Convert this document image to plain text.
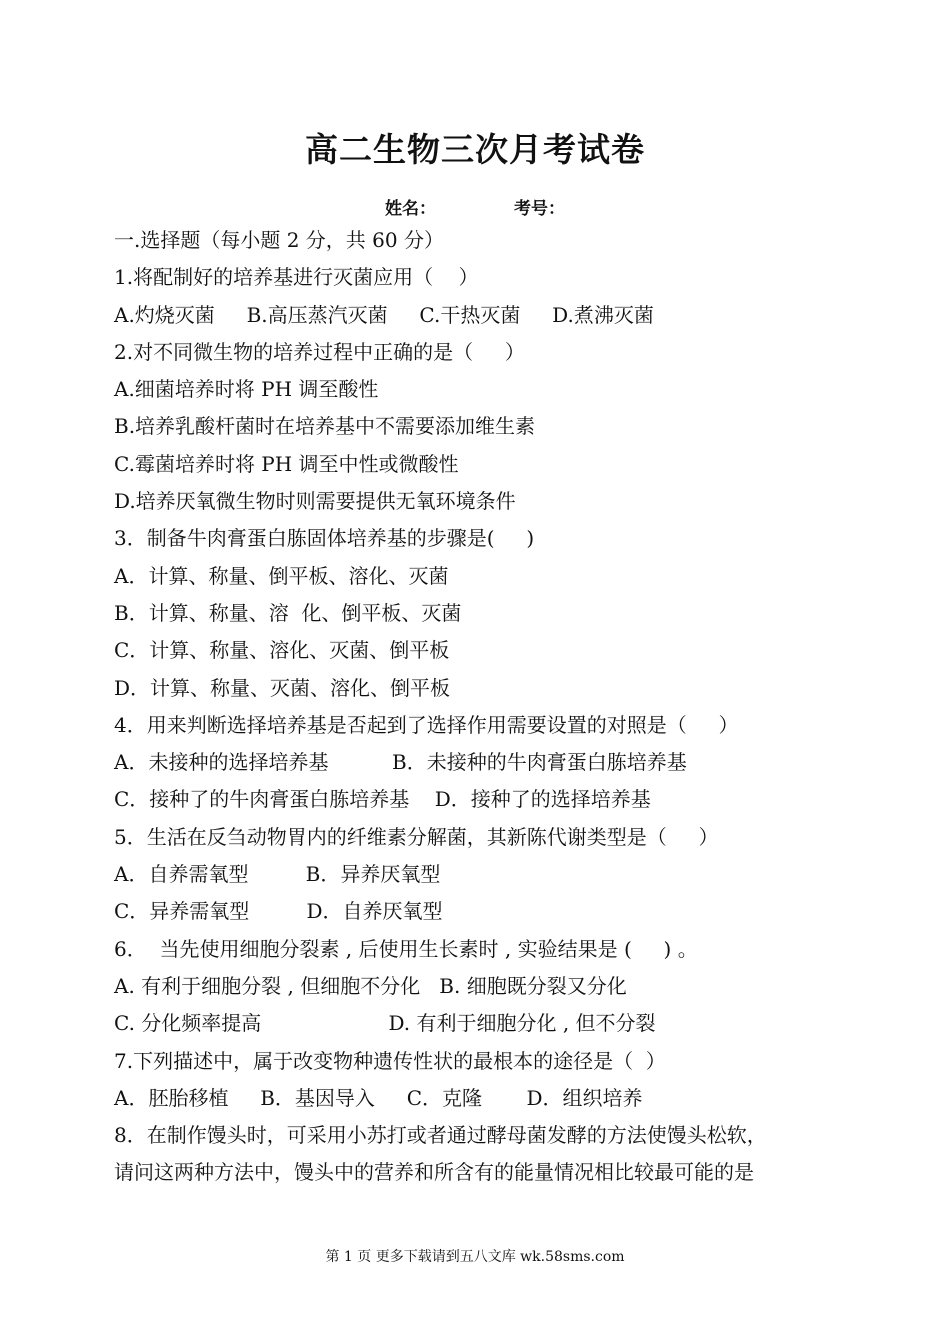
高二生物三次月考试卷
姓名：	考号：
一.选择题（每小题 2 分，共 60 分）
1.将配制好的培养基进行灭菌应用（    ）
A.灼烧灭菌     B.高压蒸汽灭菌     C.干热灭菌     D.煮沸灭菌
2.对不同微生物的培养过程中正确的是（     ）
A.细菌培养时将 PH 调至酸性
B.培养乳酸杆菌时在培养基中不需要添加维生素
C.霉菌培养时将 PH 调至中性或微酸性
D.培养厌氧微生物时则需要提供无氧环境条件
3．制备牛肉膏蛋白胨固体培养基的步骤是(     )
A．计算、称量、倒平板、溶化、灭菌
B．计算、称量、溶  化、倒平板、灭菌
C．计算、称量、溶化、灭菌、倒平板
D．计算、称量、灭菌、溶化、倒平板
4．用来判断选择培养基是否起到了选择作用需要设置的对照是（     ）
A．未接种的选择培养基          B．未接种的牛肉膏蛋白胨培养基
C．接种了的牛肉膏蛋白胨培养基    D．接种了的选择培养基
5．生活在反刍动物胃内的纤维素分解菌，其新陈代谢类型是（     ）
A．自养需氧型         B．异养厌氧型
C．异养需氧型         D．自养厌氧型
6．  当先使用细胞分裂素 , 后使用生长素时 , 实验结果是 (     ) 。
A. 有利于细胞分裂 , 但细胞不分化   B. 细胞既分裂又分化
C. 分化频率提高                    D. 有利于细胞分化 , 但不分裂
7.下列描述中，属于改变物种遗传性状的最根本的途径是（  ）
A．胚胎移植     B．基因导入     C．克隆       D．组织培养
8．在制作馒头时，可采用小苏打或者通过酵母菌发酵的方法使馒头松软，
请问这两种方法中，馒头中的营养和所含有的能量情况相比较最可能的是
第 1 页 更多下载请到五八文库 wk.58sms.com
